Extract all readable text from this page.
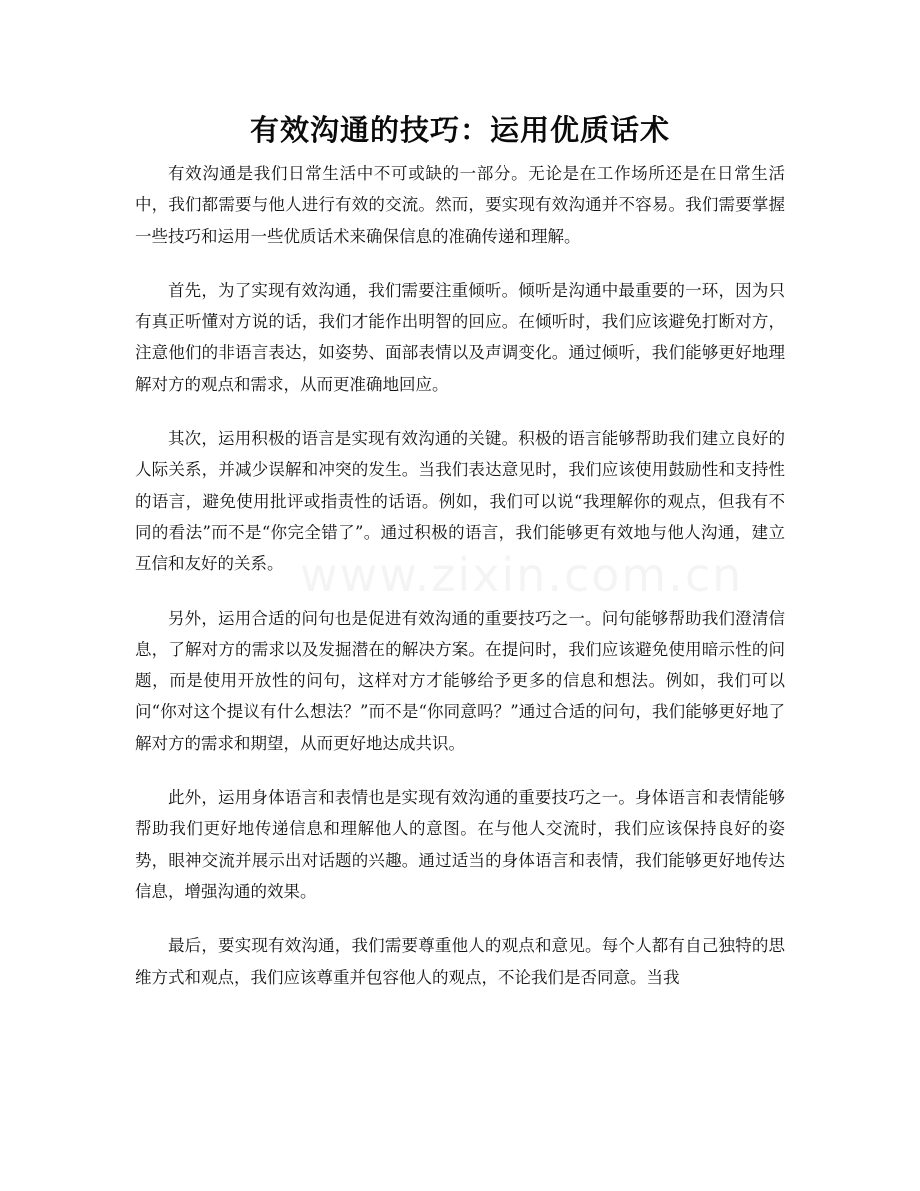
有效沟通的技巧：运用优质话术

有效沟通是我们日常生活中不可或缺的一部分。无论是在工作场所还是在日常生活中，我们都需要与他人进行有效的交流。然而，要实现有效沟通并不容易。我们需要掌握一些技巧和运用一些优质话术来确保信息的准确传递和理解。

首先，为了实现有效沟通，我们需要注重倾听。倾听是沟通中最重要的一环，因为只有真正听懂对方说的话，我们才能作出明智的回应。在倾听时，我们应该避免打断对方，注意他们的非语言表达，如姿势、面部表情以及声调变化。通过倾听，我们能够更好地理解对方的观点和需求，从而更准确地回应。

其次，运用积极的语言是实现有效沟通的关键。积极的语言能够帮助我们建立良好的人际关系，并减少误解和冲突的发生。当我们表达意见时，我们应该使用鼓励性和支持性的语言，避免使用批评或指责性的话语。例如，我们可以说“我理解你的观点，但我有不同的看法”而不是“你完全错了”。通过积极的语言，我们能够更有效地与他人沟通，建立互信和友好的关系。

另外，运用合适的问句也是促进有效沟通的重要技巧之一。问句能够帮助我们澄清信息，了解对方的需求以及发掘潜在的解决方案。在提问时，我们应该避免使用暗示性的问题，而是使用开放性的问句，这样对方才能够给予更多的信息和想法。例如，我们可以问“你对这个提议有什么想法？”而不是“你同意吗？”通过合适的问句，我们能够更好地了解对方的需求和期望，从而更好地达成共识。

此外，运用身体语言和表情也是实现有效沟通的重要技巧之一。身体语言和表情能够帮助我们更好地传递信息和理解他人的意图。在与他人交流时，我们应该保持良好的姿势，眼神交流并展示出对话题的兴趣。通过适当的身体语言和表情，我们能够更好地传达信息，增强沟通的效果。

最后，要实现有效沟通，我们需要尊重他人的观点和意见。每个人都有自己独特的思维方式和观点，我们应该尊重并包容他人的观点，不论我们是否同意。当我
